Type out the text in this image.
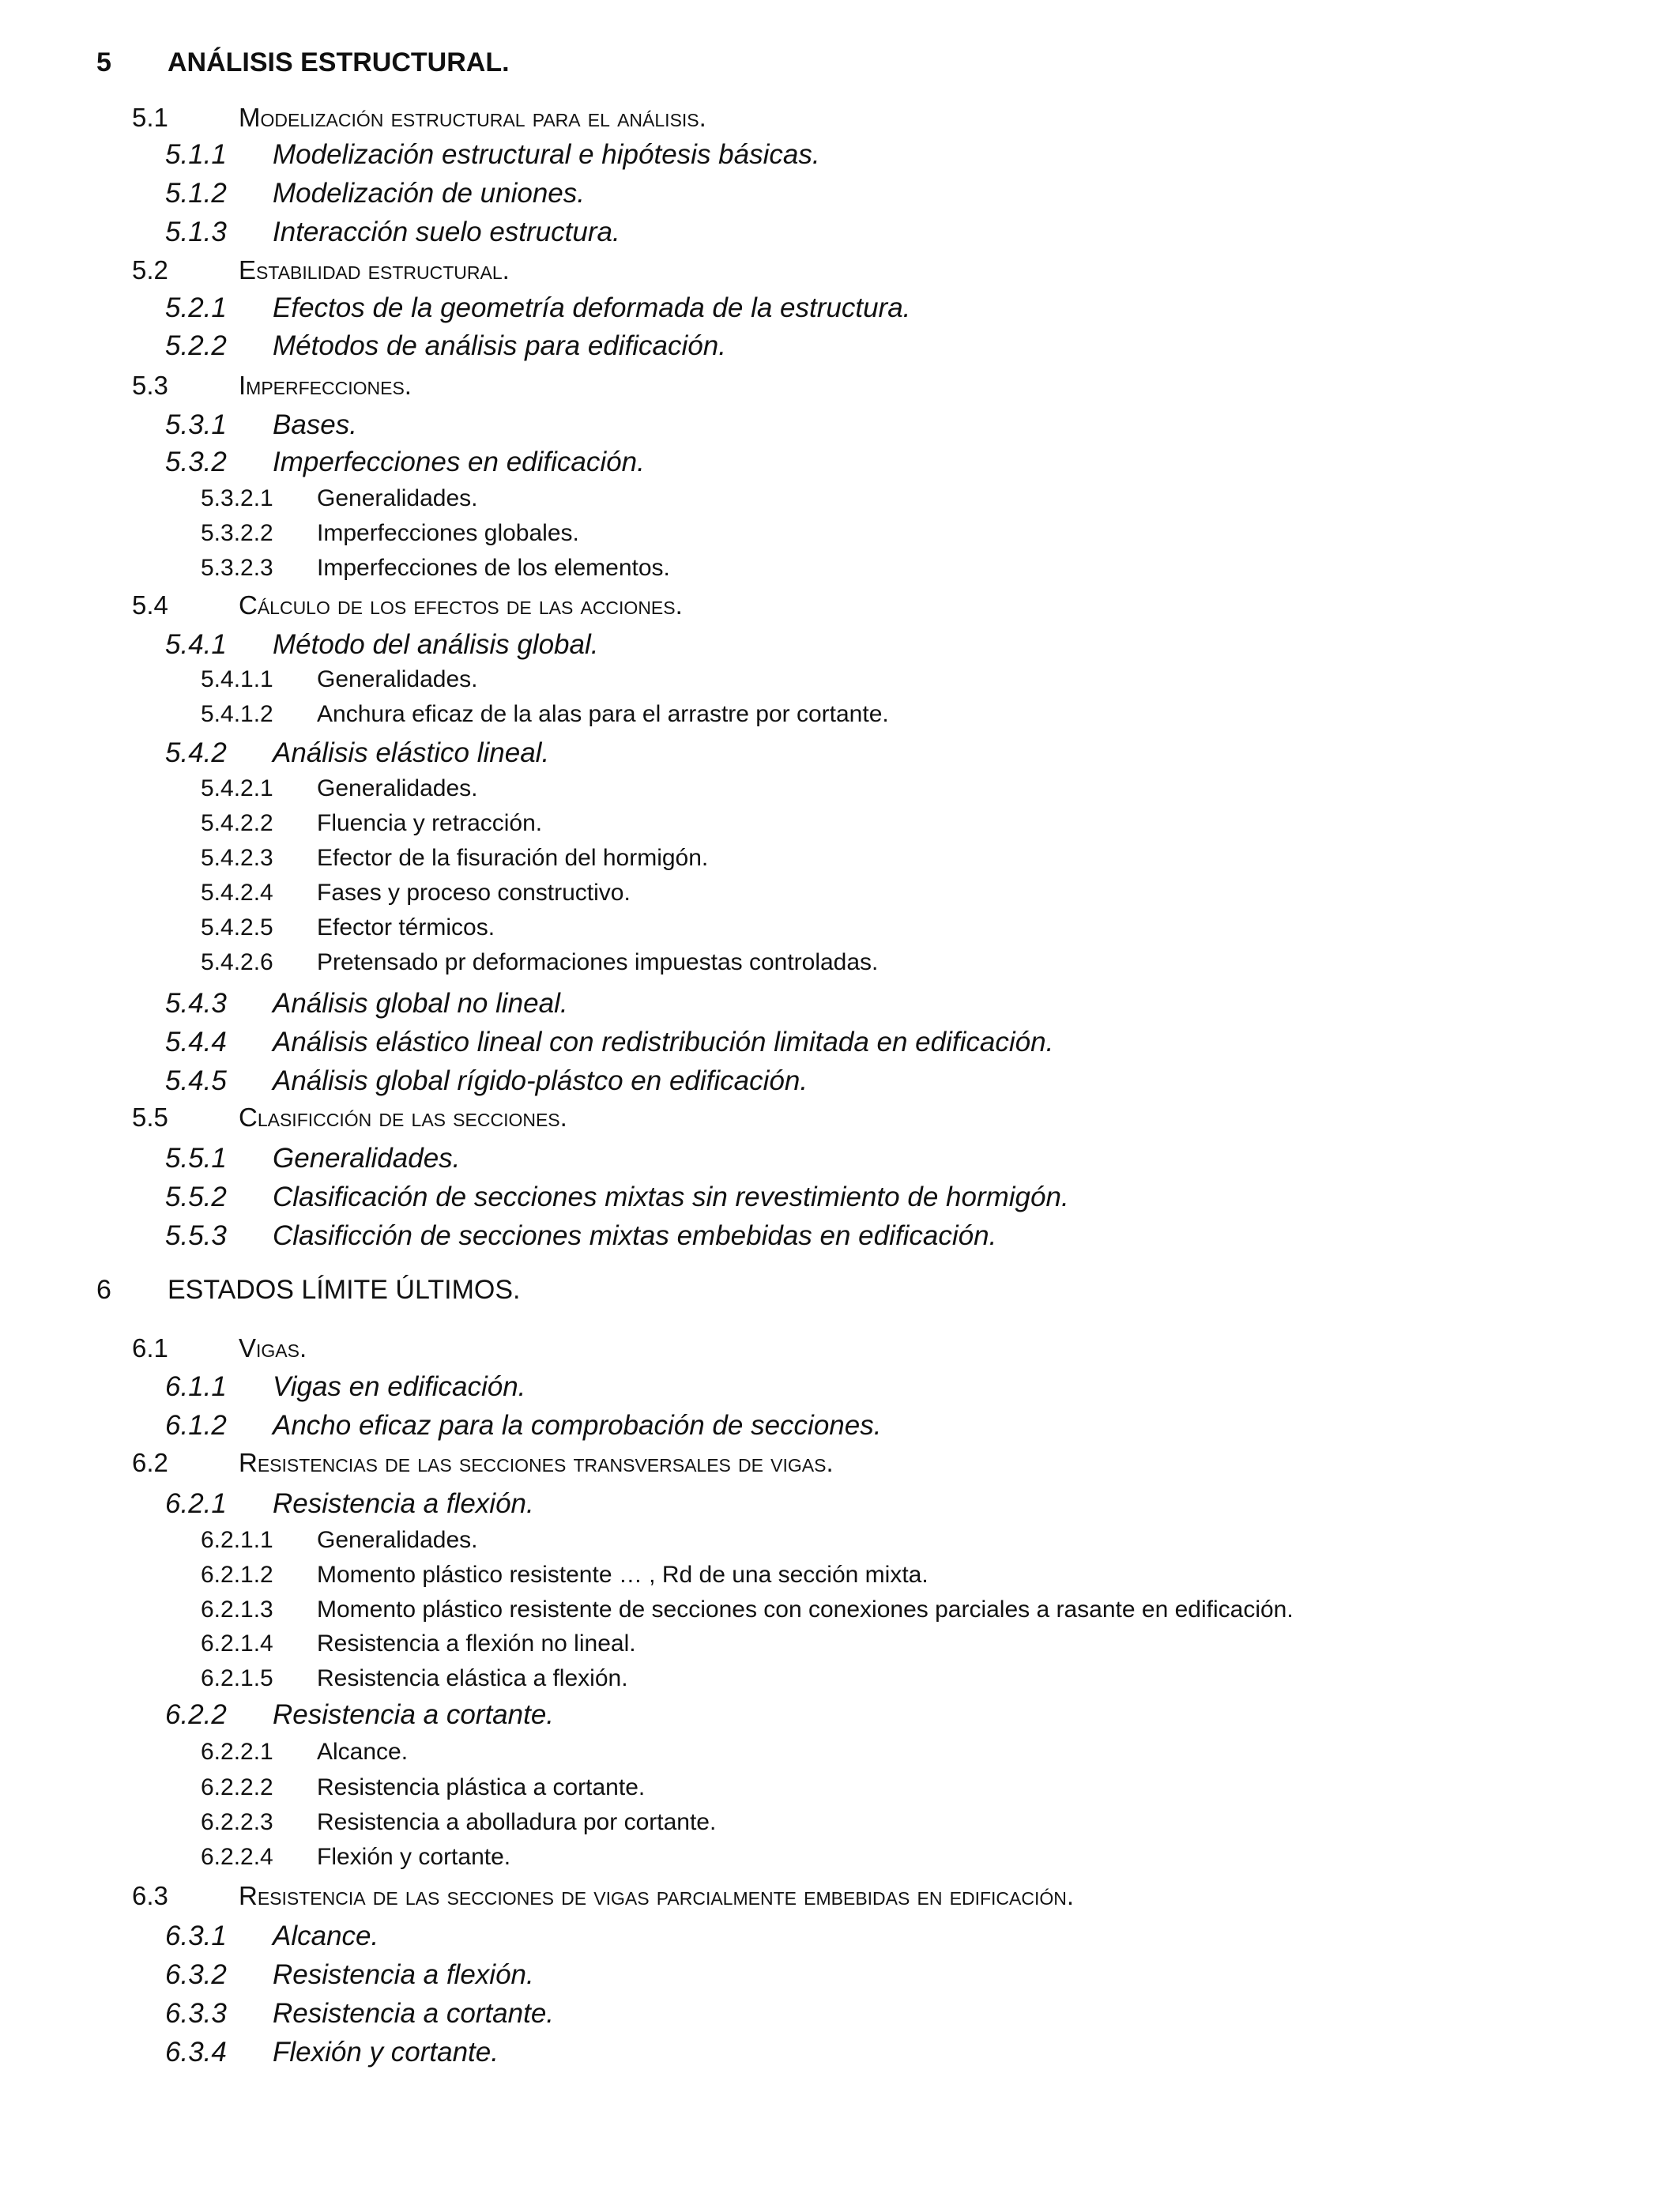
5 ANÁLISIS ESTRUCTURAL.
5.1	Modelización estructural para el análisis.
5.1.1 Modelización estructural e hipótesis básicas.
5.1.2 Modelización de uniones.
5.1.3 Interacción suelo estructura.
5.2	Estabilidad estructural.
5.2.1 Efectos de la geometría deformada de la estructura.
5.2.2 Métodos de análisis para edificación.
5.3	Imperfecciones.
5.3.1 Bases.
5.3.2 Imperfecciones en edificación.
5.3.2.1 Generalidades.
5.3.2.2 Imperfecciones globales.
5.3.2.3 Imperfecciones de los elementos.
5.4	Cálculo de los efectos de las acciones.
5.4.1 Método del análisis global.
5.4.1.1 Generalidades.
5.4.1.2 Anchura eficaz de la alas para el arrastre por cortante.
5.4.2 Análisis elástico lineal.
5.4.2.1 Generalidades.
5.4.2.2 Fluencia y retracción.
5.4.2.3 Efector de la fisuración del hormigón.
5.4.2.4 Fases y proceso constructivo.
5.4.2.5 Efector térmicos.
5.4.2.6 Pretensado pr deformaciones impuestas controladas.
5.4.3 Análisis global no lineal.
5.4.4 Análisis elástico lineal con redistribución limitada en edificación.
5.4.5 Análisis global rígido-plástco en edificación.
5.5	Clasificción de las secciones.
5.5.1 Generalidades.
5.5.2 Clasificación de secciones mixtas sin revestimiento de hormigón.
5.5.3 Clasificción de secciones mixtas embebidas en edificación.
6 ESTADOS LÍMITE ÚLTIMOS.
6.1	Vigas.
6.1.1 Vigas en edificación.
6.1.2 Ancho eficaz para la comprobación de secciones.
6.2	Resistencias de las secciones transversales de vigas.
6.2.1 Resistencia a flexión.
6.2.1.1 Generalidades.
6.2.1.2 Momento plástico resistente … , Rd de una sección mixta.
6.2.1.3 Momento plástico resistente de secciones con conexiones parciales a rasante en edificación.
6.2.1.4 Resistencia a flexión no lineal.
6.2.1.5 Resistencia elástica a flexión.
6.2.2 Resistencia a cortante.
6.2.2.1 Alcance.
6.2.2.2 Resistencia plástica a cortante.
6.2.2.3 Resistencia a abolladura por cortante.
6.2.2.4 Flexión y cortante.
6.3	Resistencia de las secciones de vigas parcialmente embebidas en edificación.
6.3.1 Alcance.
6.3.2 Resistencia a flexión.
6.3.3 Resistencia a cortante.
6.3.4 Flexión y cortante.
